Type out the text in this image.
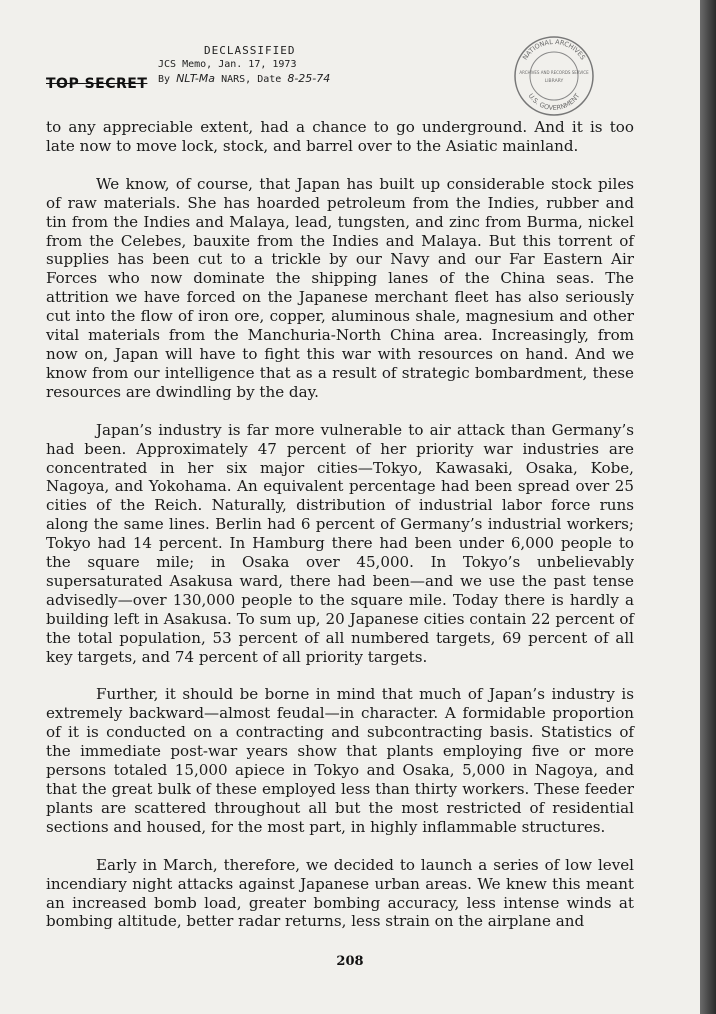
TOP SECRET
DECLASSIFIED
JCS Memo, Jan. 17, 1973
By NLT-Ma NARS, Date 8-25-74
NATIONAL ARCHIVES
U.S. GOVERNMENT
ARCHIVES AND RECORDS SERVICE
LIBRARY

to any appreciable extent, had a chance to go underground. And it is too late now to move lock, stock, and barrel over to the Asiatic mainland.

We know, of course, that Japan has built up considerable stock piles of raw materials. She has hoarded petroleum from the Indies, rubber and tin from the Indies and Malaya, lead, tungsten, and zinc from Burma, nickel from the Celebes, bauxite from the Indies and Malaya. But this torrent of supplies has been cut to a trickle by our Navy and our Far Eastern Air Forces who now dominate the shipping lanes of the China seas. The attrition we have forced on the Japanese merchant fleet has also seriously cut into the flow of iron ore, copper, aluminous shale, magnesium and other vital materials from the Manchuria-North China area. Increasingly, from now on, Japan will have to fight this war with resources on hand. And we know from our intelligence that as a result of strategic bombardment, these resources are dwindling by the day.

Japan’s industry is far more vulnerable to air attack than Germany’s had been. Approximately 47 percent of her priority war industries are concentrated in her six major cities—Tokyo, Kawasaki, Osaka, Kobe, Nagoya, and Yokohama. An equivalent percentage had been spread over 25 cities of the Reich. Naturally, distribution of industrial labor force runs along the same lines. Berlin had 6 percent of Germany’s industrial workers; Tokyo had 14 percent. In Hamburg there had been under 6,000 people to the square mile; in Osaka over 45,000. In Tokyo’s unbelievably supersaturated Asakusa ward, there had been—and we use the past tense advisedly—over 130,000 people to the square mile. Today there is hardly a building left in Asakusa. To sum up, 20 Japanese cities contain 22 percent of the total population, 53 percent of all numbered targets, 69 percent of all key targets, and 74 percent of all priority targets.

Further, it should be borne in mind that much of Japan’s industry is extremely backward—almost feudal—in character. A formidable proportion of it is conducted on a contracting and subcontracting basis. Statistics of the immediate post-war years show that plants employing five or more persons totaled 15,000 apiece in Tokyo and Osaka, 5,000 in Nagoya, and that the great bulk of these employed less than thirty workers. These feeder plants are scattered throughout all but the most restricted of residential sections and housed, for the most part, in highly inflammable structures.

Early in March, therefore, we decided to launch a series of low level incendiary night attacks against Japanese urban areas. We knew this meant an increased bomb load, greater bombing accuracy, less intense winds at bombing altitude, better radar returns, less strain on the airplane and

208
